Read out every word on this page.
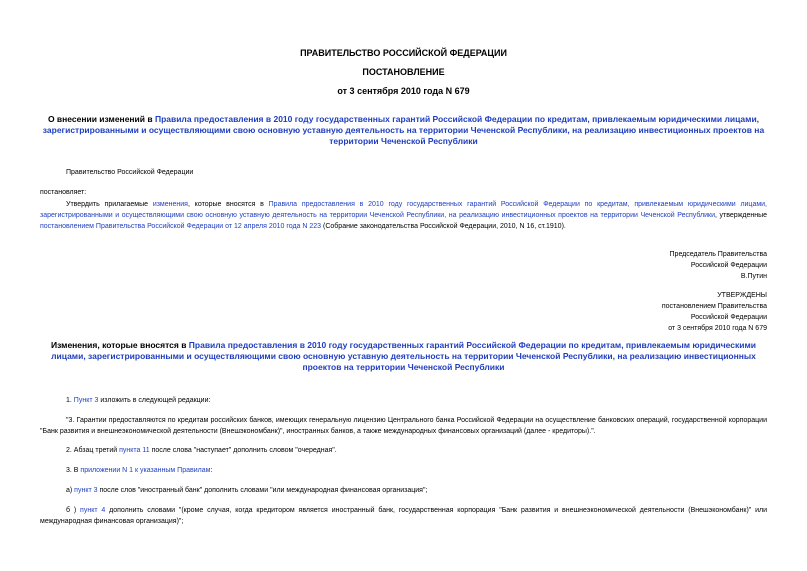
ПРАВИТЕЛЬСТВО РОССИЙСКОЙ ФЕДЕРАЦИИ
ПОСТАНОВЛЕНИЕ
от 3 сентября 2010 года N 679
О внесении изменений в Правила предоставления в 2010 году государственных гарантий Российской Федерации по кредитам, привлекаемым юридическими лицами, зарегистрированными и осуществляющими свою основную уставную деятельность на территории Чеченской Республики, на реализацию инвестиционных проектов на территории Чеченской Республики
Правительство Российской Федерации
постановляет:
Утвердить прилагаемые изменения, которые вносятся в Правила предоставления в 2010 году государственных гарантий Российской Федерации по кредитам, привлекаемым юридическими лицами, зарегистрированными и осуществляющими свою основную уставную деятельность на территории Чеченской Республики, на реализацию инвестиционных проектов на территории Чеченской Республики, утвержденные постановлением Правительства Российской Федерации от 12 апреля 2010 года N 223 (Собрание законодательства Российской Федерации, 2010, N 16, ст.1910).
Председатель Правительства
Российской Федерации
В.Путин
УТВЕРЖДЕНЫ
постановлением Правительства
Российской Федерации
от 3 сентября 2010 года N 679
Изменения, которые вносятся в Правила предоставления в 2010 году государственных гарантий Российской Федерации по кредитам, привлекаемым юридическими лицами, зарегистрированными и осуществляющими свою основную уставную деятельность на территории Чеченской Республики, на реализацию инвестиционных проектов на территории Чеченской Республики
1. Пункт 3 изложить в следующей редакции:
"3. Гарантии предоставляются по кредитам российских банков, имеющих генеральную лицензию Центрального банка Российской Федерации на осуществление банковских операций, государственной корпорации "Банк развития и внешнеэкономической деятельности (Внешэкономбанк)", иностранных банков, а также международных финансовых организаций (далее - кредиторы).".
2. Абзац третий пункта 11 после слова "наступает" дополнить словом "очередная".
3. В приложении N 1 к указанным Правилам:
а) пункт 3 после слов "иностранный банк" дополнить словами "или международная финансовая организация";
б ) пункт 4 дополнить словами "(кроме случая, когда кредитором является иностранный банк, государственная корпорация "Банк развития и внешнеэкономической деятельности (Внешэкономбанк)" или международная финансовая организация)";
